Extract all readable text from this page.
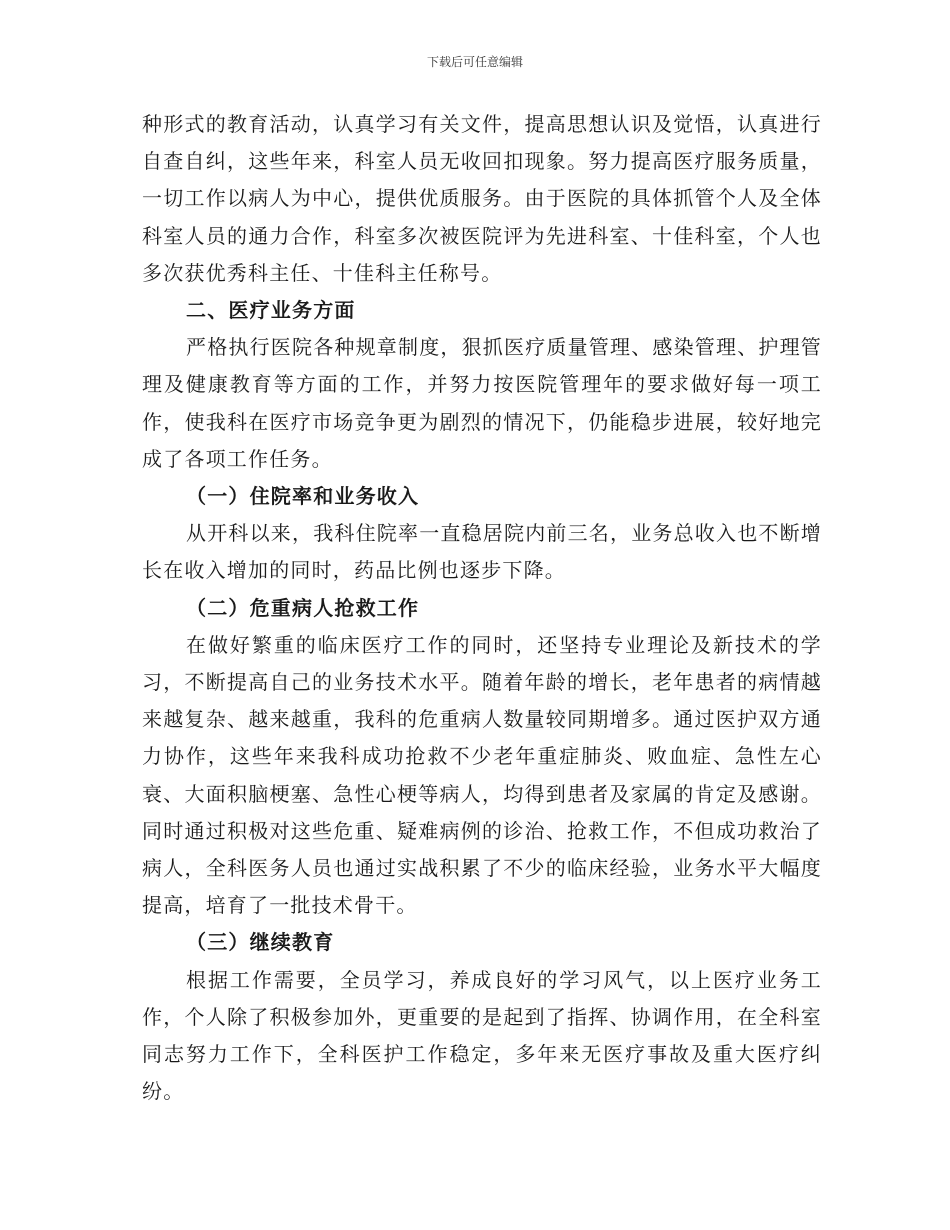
下载后可任意编辑

种形式的教育活动，认真学习有关文件，提高思想认识及觉悟，认真进行自查自纠，这些年来，科室人员无收回扣现象。努力提高医疗服务质量，一切工作以病人为中心，提供优质服务。由于医院的具体抓管个人及全体科室人员的通力合作，科室多次被医院评为先进科室、十佳科室，个人也多次获优秀科主任、十佳科主任称号。

二、医疗业务方面

严格执行医院各种规章制度，狠抓医疗质量管理、感染管理、护理管理及健康教育等方面的工作，并努力按医院管理年的要求做好每一项工作，使我科在医疗市场竞争更为剧烈的情况下，仍能稳步进展，较好地完成了各项工作任务。

（一）住院率和业务收入

从开科以来，我科住院率一直稳居院内前三名，业务总收入也不断增长在收入增加的同时，药品比例也逐步下降。

（二）危重病人抢救工作

在做好繁重的临床医疗工作的同时，还坚持专业理论及新技术的学习，不断提高自己的业务技术水平。随着年龄的增长，老年患者的病情越来越复杂、越来越重，我科的危重病人数量较同期增多。通过医护双方通力协作，这些年来我科成功抢救不少老年重症肺炎、败血症、急性左心衰、大面积脑梗塞、急性心梗等病人，均得到患者及家属的肯定及感谢。同时通过积极对这些危重、疑难病例的诊治、抢救工作，不但成功救治了病人，全科医务人员也通过实战积累了不少的临床经验，业务水平大幅度提高，培育了一批技术骨干。

（三）继续教育

根据工作需要，全员学习，养成良好的学习风气，以上医疗业务工作，个人除了积极参加外，更重要的是起到了指挥、协调作用，在全科室同志努力工作下，全科医护工作稳定，多年来无医疗事故及重大医疗纠纷。
